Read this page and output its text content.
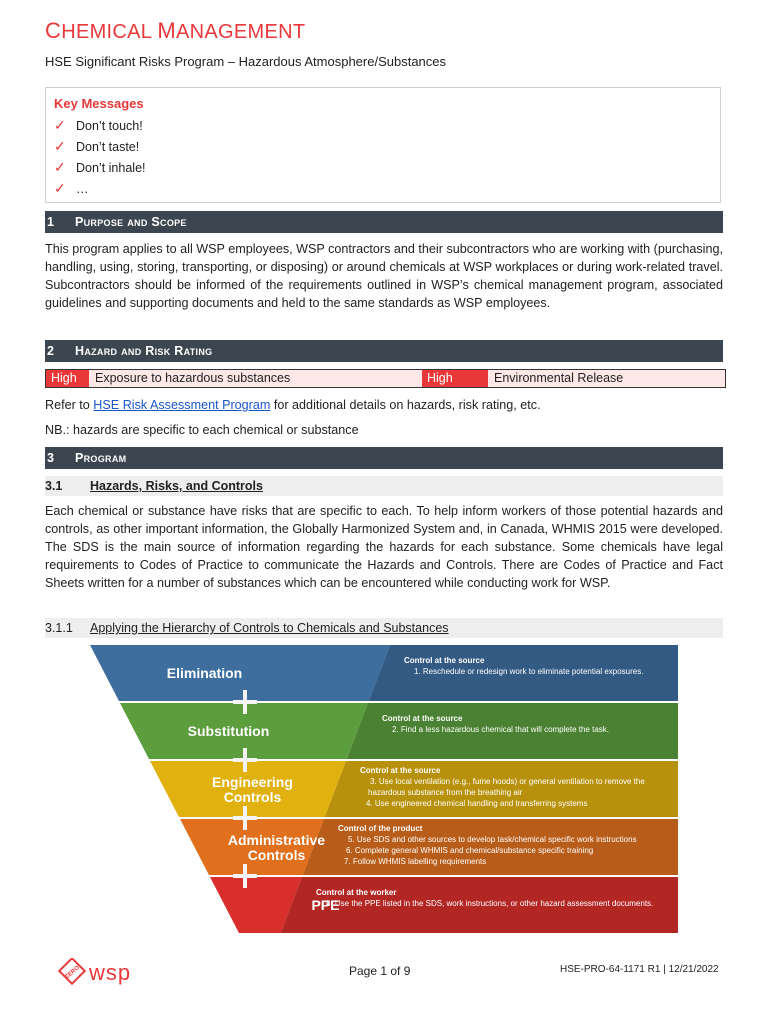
CHEMICAL MANAGEMENT
HSE Significant Risks Program – Hazardous Atmosphere/Substances
Key Messages
✓ Don’t touch!
✓ Don’t taste!
✓ Don’t inhale!
✓ …
1 Purpose and Scope
This program applies to all WSP employees, WSP contractors and their subcontractors who are working with (purchasing, handling, using, storing, transporting, or disposing) or around chemicals at WSP workplaces or during work-related travel. Subcontractors should be informed of the requirements outlined in WSP’s chemical management program, associated guidelines and supporting documents and held to the same standards as WSP employees.
2 Hazard and Risk Rating
High	Exposure to hazardous substances	High	Environmental Release
Refer to HSE Risk Assessment Program for additional details on hazards, risk rating, etc.
NB.: hazards are specific to each chemical or substance
3 Program
3.1 Hazards, Risks, and Controls
Each chemical or substance have risks that are specific to each. To help inform workers of those potential hazards and controls, as other important information, the Globally Harmonized System and, in Canada, WHMIS 2015 were developed. The SDS is the main source of information regarding the hazards for each substance. Some chemicals have legal requirements to Codes of Practice to communicate the Hazards and Controls. There are Codes of Practice and Fact Sheets written for a number of substances which can be encountered while conducting work for WSP.
3.1.1 Applying the Hierarchy of Controls to Chemicals and Substances
Elimination
Control at the source
1. Reschedule or redesign work to eliminate potential exposures.
Substitution
Control at the source
2. Find a less hazardous chemical that will complete the task.
Engineering
Controls
Control at the source
3. Use local ventilation (e.g., fume hoods) or general ventilation to remove the
hazardous substance from the breathing air
4. Use engineered chemical handling and transferring systems
Administrative
Controls
Control of the product
5. Use SDS and other sources to develop task/chemical specific work instructions
6. Complete general WHMIS and chemical/substance specific training
7. Follow WHMIS labelling requirements
PPE
Control at the worker
8. Use the PPE listed in the SDS, work instructions, or other hazard assessment documents.
ZERO wsp	Page 1 of 9	HSE-PRO-64-1171 R1 | 12/21/2022
